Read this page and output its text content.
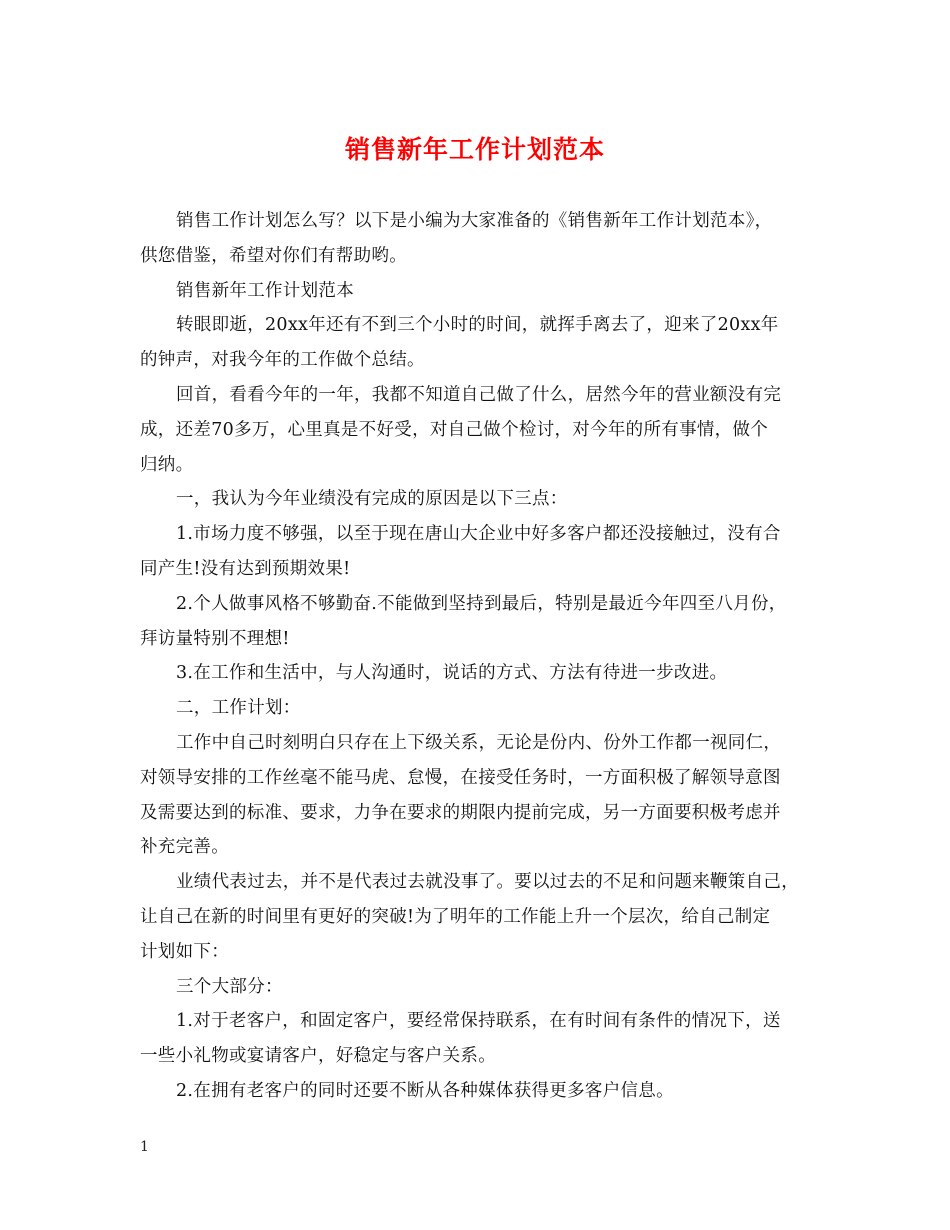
销售新年工作计划范本

销售工作计划怎么写？以下是小编为大家准备的《销售新年工作计划范本》，

供您借鉴，希望对你们有帮助哟。

销售新年工作计划范本

转眼即逝，20xx年还有不到三个小时的时间，就挥手离去了，迎来了20xx年

的钟声，对我今年的工作做个总结。

回首，看看今年的一年，我都不知道自己做了什么，居然今年的营业额没有完

成，还差70多万，心里真是不好受，对自己做个检讨，对今年的所有事情，做个

归纳。

一，我认为今年业绩没有完成的原因是以下三点：

1.市场力度不够强，以至于现在唐山大企业中好多客户都还没接触过，没有合

同产生!没有达到预期效果!

2.个人做事风格不够勤奋.不能做到坚持到最后，特别是最近今年四至八月份，

拜访量特别不理想!

3.在工作和生活中，与人沟通时，说话的方式、方法有待进一步改进。

二，工作计划：

工作中自己时刻明白只存在上下级关系，无论是份内、份外工作都一视同仁，

对领导安排的工作丝毫不能马虎、怠慢，在接受任务时，一方面积极了解领导意图

及需要达到的标准、要求，力争在要求的期限内提前完成，另一方面要积极考虑并

补充完善。

业绩代表过去，并不是代表过去就没事了。要以过去的不足和问题来鞭策自己，

让自己在新的时间里有更好的突破!为了明年的工作能上升一个层次，给自己制定

计划如下：

三个大部分：

1.对于老客户，和固定客户，要经常保持联系，在有时间有条件的情况下，送

一些小礼物或宴请客户，好稳定与客户关系。

2.在拥有老客户的同时还要不断从各种媒体获得更多客户信息。

1
